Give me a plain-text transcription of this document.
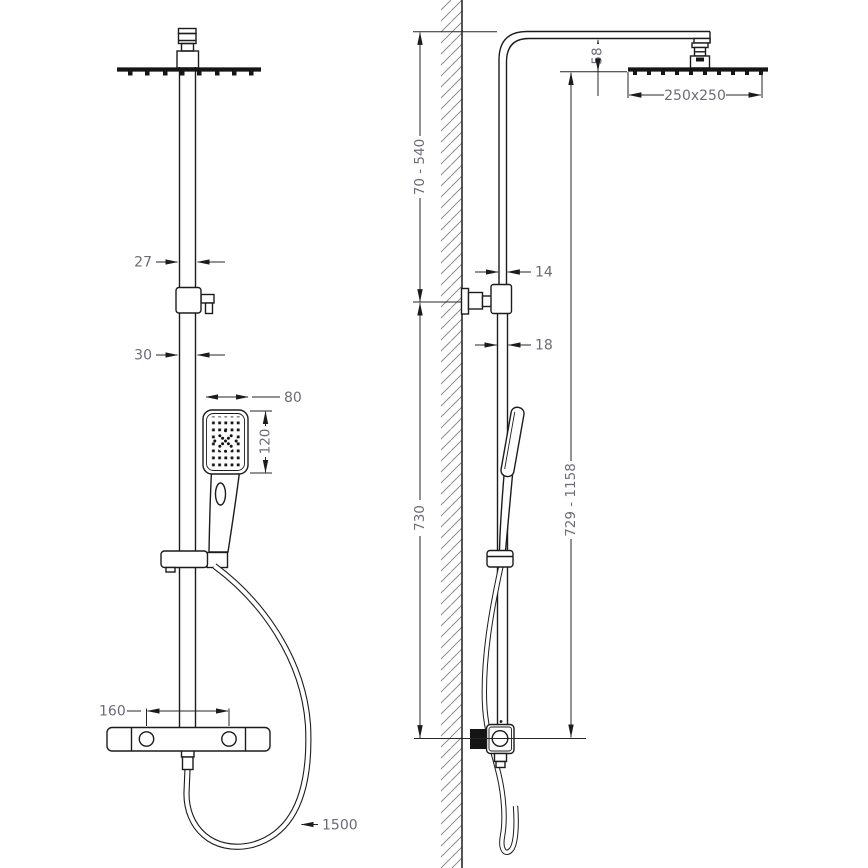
27
30
80
120
160
1500
58
70 - 540
14
18
730	729 - 1158
250x250
